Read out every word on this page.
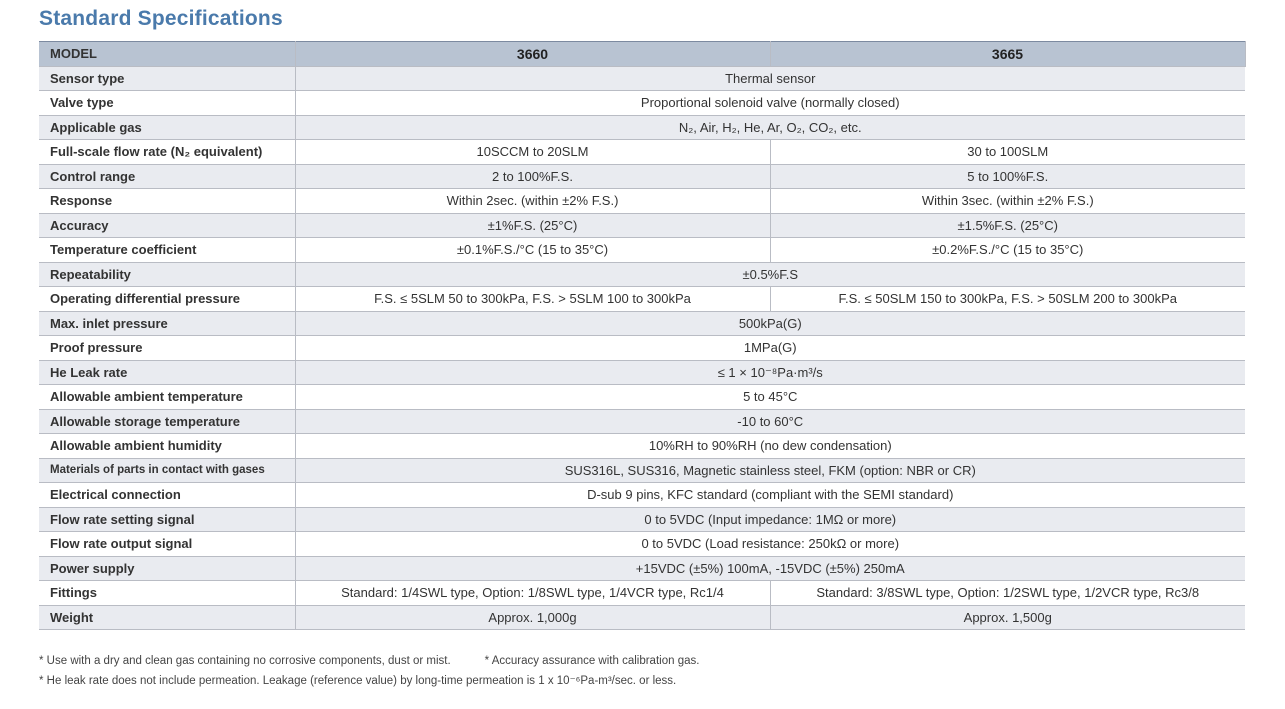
Standard Specifications
MODEL	3660	3665
Sensor type	Thermal sensor	
Valve type	Proportional solenoid valve (normally closed)	
Applicable gas	N₂, Air, H₂, He, Ar, O₂, CO₂, etc.	
Full-scale flow rate (N₂ equivalent)	10SCCM to 20SLM	30 to 100SLM
Control range	2 to 100%F.S.	5 to 100%F.S.
Response	Within 2sec. (within ±2% F.S.)	Within 3sec. (within ±2% F.S.)
Accuracy	±1%F.S. (25°C)	±1.5%F.S. (25°C)
Temperature coefficient	±0.1%F.S./°C (15 to 35°C)	±0.2%F.S./°C (15 to 35°C)
Repeatability	±0.5%F.S	
Operating differential pressure	F.S. ≤ 5SLM 50 to 300kPa, F.S. > 5SLM 100 to 300kPa	F.S. ≤ 50SLM 150 to 300kPa, F.S. > 50SLM 200 to 300kPa
Max. inlet pressure	500kPa(G)	
Proof pressure	1MPa(G)	
He Leak rate	≤ 1 × 10⁻⁸Pa·m³/s	
Allowable ambient temperature	5 to 45°C	
Allowable storage temperature	-10 to 60°C	
Allowable ambient humidity	10%RH to 90%RH (no dew condensation)	
Materials of parts in contact with gases	SUS316L, SUS316, Magnetic stainless steel, FKM (option: NBR or CR)	
Electrical connection	D-sub 9 pins, KFC standard (compliant with the SEMI standard)	
Flow rate setting signal	0 to 5VDC (Input impedance: 1MΩ or more)	
Flow rate output signal	0 to 5VDC (Load resistance: 250kΩ or more)	
Power supply	+15VDC (±5%) 100mA, -15VDC (±5%) 250mA	
Fittings	Standard: 1/4SWL type, Option: 1/8SWL type, 1/4VCR type, Rc1/4	Standard: 3/8SWL type, Option: 1/2SWL type, 1/2VCR type, Rc3/8
Weight	Approx. 1,000g	Approx. 1,500g
* Use with a dry and clean gas containing no corrosive components, dust or mist.	* Accuracy assurance with calibration gas.
* He leak rate does not include permeation. Leakage (reference value) by long-time permeation is 1 x 10⁻⁶Pa-m³/sec. or less.
